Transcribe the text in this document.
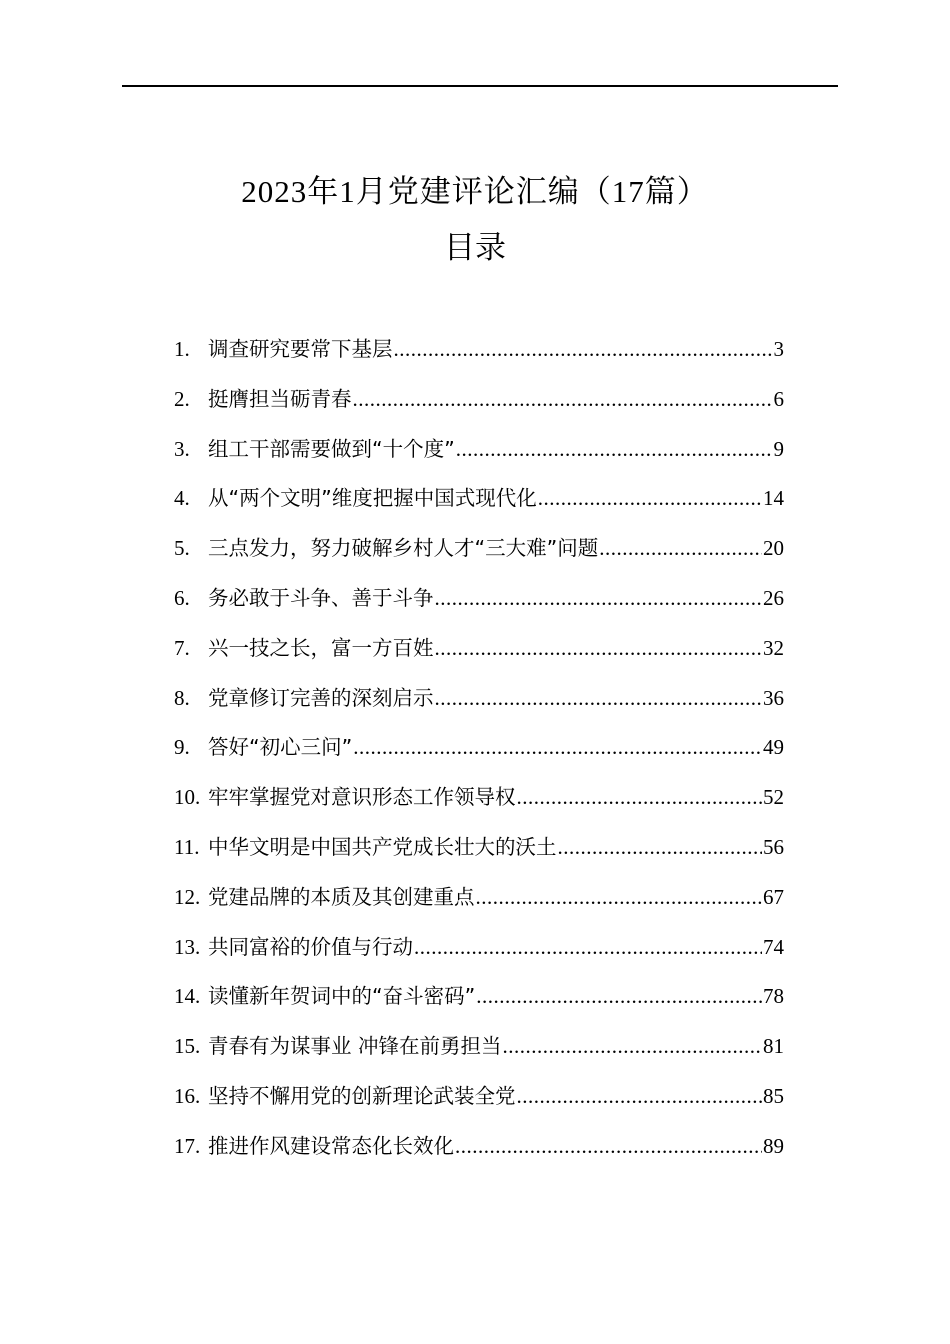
2023年1月党建评论汇编（17篇）
目录
1. 调查研究要常下基层 .....	3
2. 挺膺担当砺青春 .....	6
3. 组工干部需要做到“十个度” .....	9
4. 从“两个文明”维度把握中国式现代化 .....	14
5. 三点发力，努力破解乡村人才“三大难”问题 .....	20
6. 务必敢于斗争、善于斗争 .....	26
7. 兴一技之长，富一方百姓 .....	32
8. 党章修订完善的深刻启示 .....	36
9. 答好“初心三问” .....	49
10. 牢牢掌握党对意识形态工作领导权 .....	52
11. 中华文明是中国共产党成长壮大的沃土 .....	56
12. 党建品牌的本质及其创建重点 .....	67
13. 共同富裕的价值与行动 .....	74
14. 读懂新年贺词中的“奋斗密码” .....	78
15. 青春有为谋事业 冲锋在前勇担当 .....	81
16. 坚持不懈用党的创新理论武装全党 .....	85
17. 推进作风建设常态化长效化 .....	89
